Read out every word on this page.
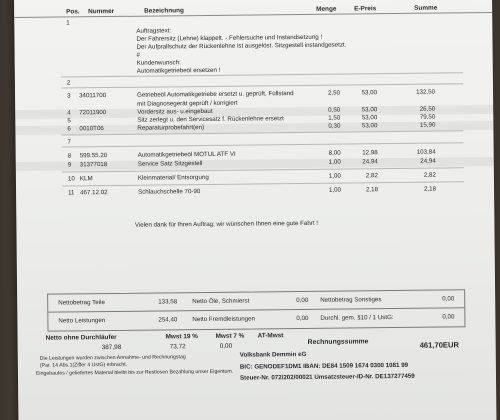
Pos. Nummer	Bezeichnung	Menge	E-Preis	Summe
1
Auftragstext:
Der Fahrersitz (Lehne) klappelt. - Fehlersuche und Instandsetzung !
Der Aufprallschutz der Rückenlehne ist ausgelöst. Sitzgestell instandgesetzt.
#
Kundenwunsch:
Automatikgetriebeöl ersetzen !
2
3 34011700	Getriebeöl Automatikgetriebe ersetzt u. geprüft, Füllstand	2,50	53,00	132,50
mit Diagnosegerät geprüft / korrigiert
4 72011900	Vordersitz aus- u.eingebaut	0,50	53,00	26,50
5	Sitz zerlegt u. den Servicesatz f. Rückenlehne ersetzt	1,50	53,00	79,50
6 0010T06	Reparaturprobefahrt(en)	0,30	53,00	15,90
7
8 599.55.20	Automatikgetriebeöl MOTUL ATF VI	8,00	12,98	103,84
9 31377018	Service Satz Sitzgestell	1,00	24,94	24,94
10 KLM	Kleinmaterial/ Entsorgung	1,00	2,82	2,82
11 467.12.02	Schlauchschelle 70-90	1,00	2,18	2,18
Vielen dank für Ihren Auftrag; wir wünschen Ihnen eine gute Fahrt !
Nettobetrag Teile	133,58 Netto Öle, Schmierst	0,00 Nettobetrag Sonstiges	0,00
Netto Leistungen	254,40 Netto Fremdleistungen	0,00 Durchl. gem. §10 / 1 UstG:	0,00
Netto ohne Durchläufer	Mwst 19 %	Mwst 7 % AT-Mwst
387,98	73,72	0,00
Rechnungssumme	461,70EUR
Die Leistungen wurden zwischen Annahme- und Rechnungstag
(Par. 14 Abs.1(Ziffer 4 UstG) erbracht.
Eingebautes / geliefertes Material bleibt bis zur Restlosen Bezahlung unser Eigentum.
Volksbank Demmin eG
BIC: GENODEF1DM1 IBAN: DE84 1509 1674 0300 1081 99
Steuer-Nr. 072/202/00021 Umsatzsteuer-ID-Nr. DE137277459
